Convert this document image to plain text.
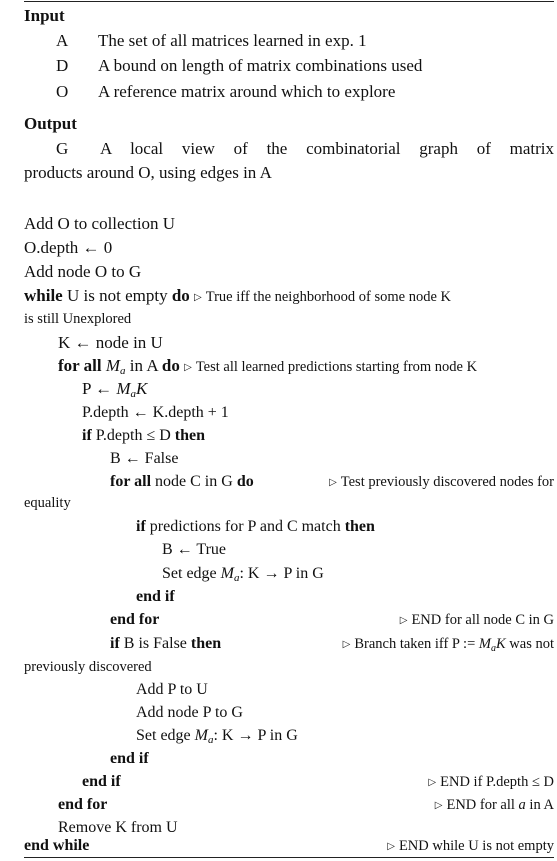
Input
A The set of all matrices learned in exp. 1
D A bound on length of matrix combinations used
O A reference matrix around which to explore
Output
G A local view of the combinatorial graph of matrix
products around O, using edges in A
Add O to collection U
O.depth ← 0
Add node O to G
while U is not empty do ▷ True iff the neighborhood of some node K
is still Unexplored
K ← node in U
for all $M_a$ in A do ▷ Test all learned predictions starting from node K
P ← $M_aK$
P.depth ← K.depth + 1
if P.depth ≤ D then
B ← False
for all node C in G do	▷ Test previously discovered nodes for
equality
if predictions for P and C match then
B ← True
Set edge $M_a$: K → P in G
end if
end for	▷ END for all node C in G
if B is False then	▷ Branch taken iff P := $M_aK$ was not
previously discovered
Add P to U
Add node P to G
Set edge $M_a$: K → P in G
end if
end if	▷ END if P.depth ≤ D
end for	▷ END for all a in A
Remove K from U
end while	▷ END while U is not empty
